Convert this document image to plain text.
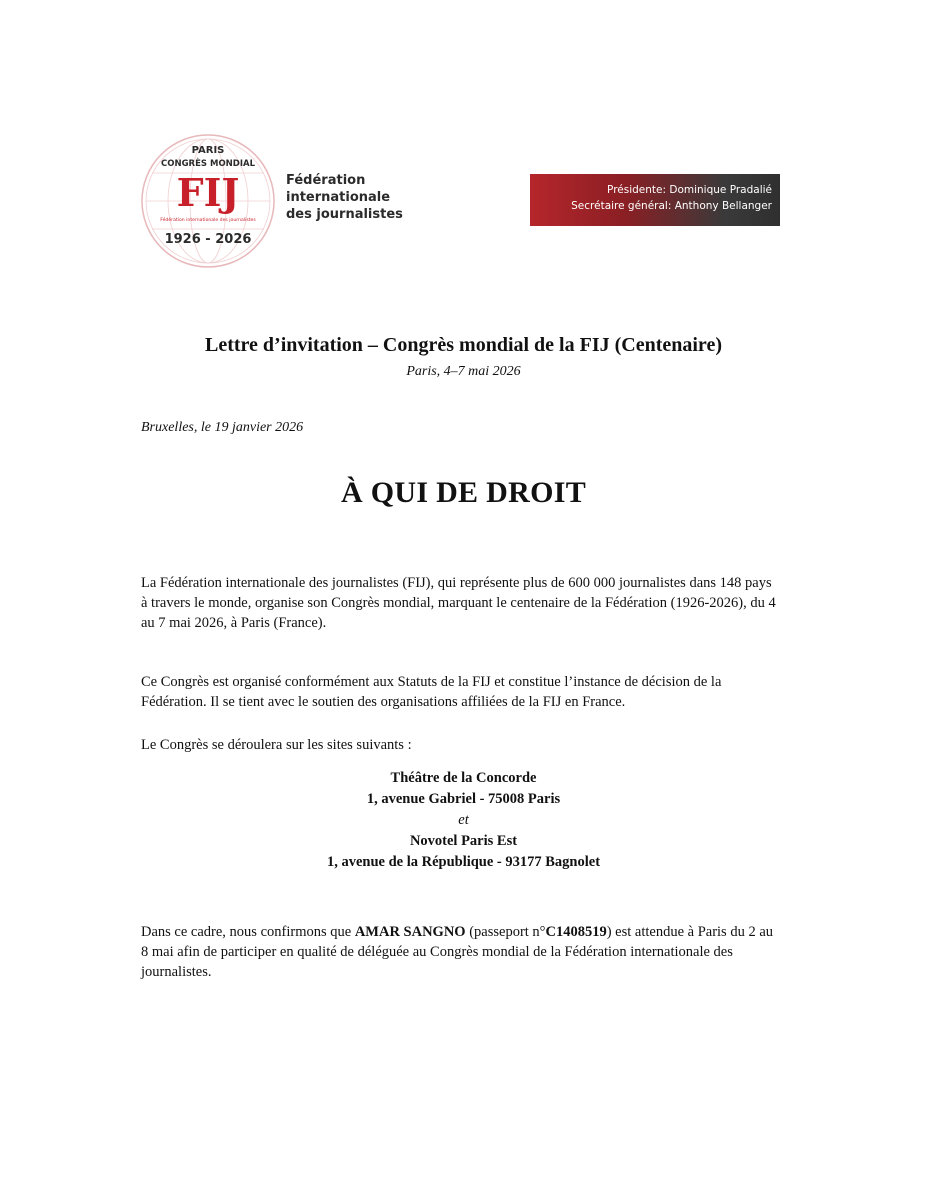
PARIS
CONGRÈS MONDIAL
FIJ
Fédération internationale des journalistes
1926 - 2026
Fédération
internationale
des journalistes
Présidente: Dominique Pradalié
Secrétaire général: Anthony Bellanger
Lettre d’invitation – Congrès mondial de la FIJ (Centenaire)
Paris, 4–7 mai 2026
Bruxelles, le 19 janvier 2026
À QUI DE DROIT

La Fédération internationale des journalistes (FIJ), qui représente plus de 600 000 journalistes dans 148 pays à travers le monde, organise son Congrès mondial, marquant le centenaire de la Fédération (1926-2026), du 4 au 7 mai 2026, à Paris (France).

Ce Congrès est organisé conformément aux Statuts de la FIJ et constitue l’instance de décision de la Fédération. Il se tient avec le soutien des organisations affiliées de la FIJ en France.

Le Congrès se déroulera sur les sites suivants :

Théâtre de la Concorde
1, avenue Gabriel - 75008 Paris
et
Novotel Paris Est
1, avenue de la République - 93177 Bagnolet

Dans ce cadre, nous confirmons que AMAR SANGNO (passeport n°C1408519) est attendue à Paris du 2 au 8 mai afin de participer en qualité de déléguée au Congrès mondial de la Fédération internationale des journalistes.
